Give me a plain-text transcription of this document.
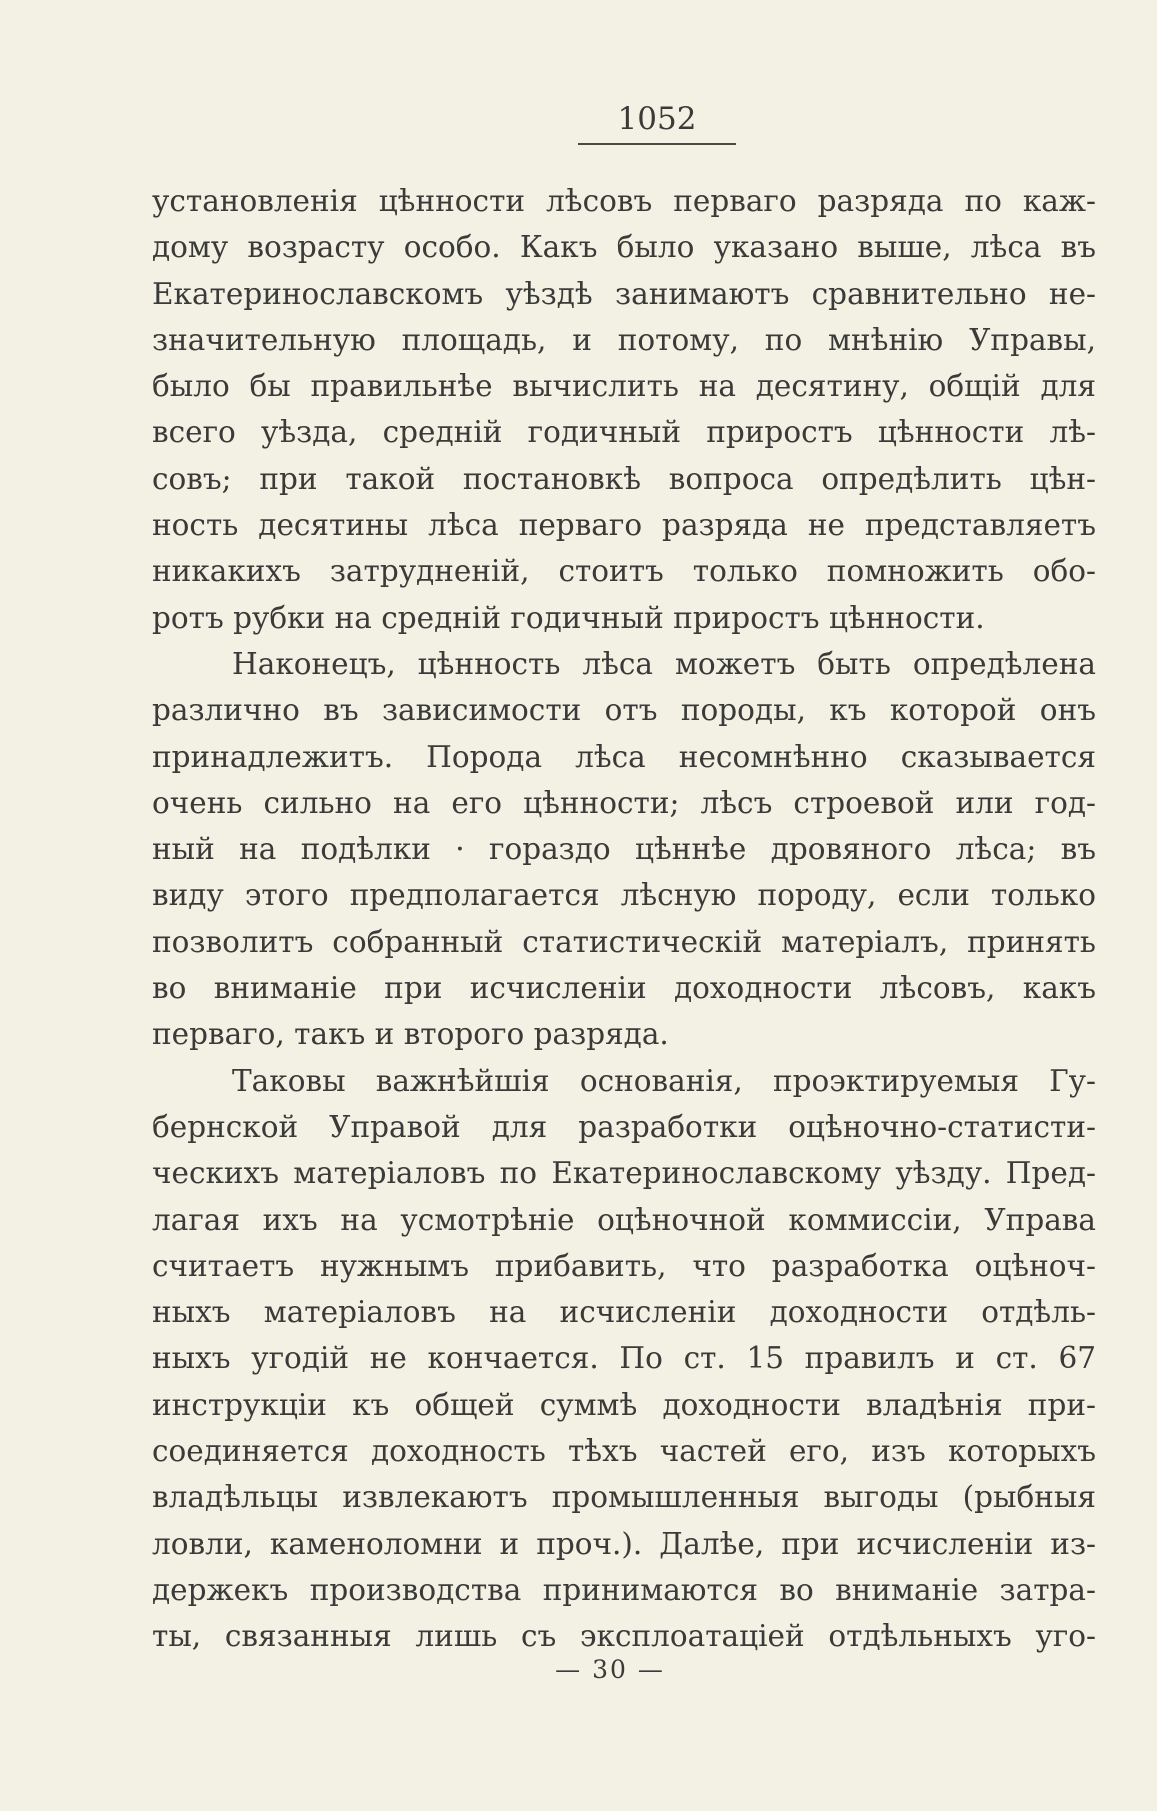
1052
установленія цѣнности лѣсовъ перваго разряда по каж-
дому возрасту особо. Какъ было указано выше, лѣса въ
Екатеринославскомъ уѣздѣ занимаютъ сравнительно не-
значительную площадь, и потому, по мнѣнію Управы,
было бы правильнѣе вычислить на десятину, общій для
всего уѣзда, средній годичный приростъ цѣнности лѣ-
совъ; при такой постановкѣ вопроса опредѣлить цѣн-
ность десятины лѣса перваго разряда не представляетъ
никакихъ затрудненій, стоитъ только помножить обо-
ротъ рубки на средній годичный приростъ цѣнности.
Наконецъ, цѣнность лѣса можетъ быть опредѣлена
различно въ зависимости отъ породы, къ которой онъ
принадлежитъ. Порода лѣса несомнѣнно сказывается
очень сильно на его цѣнности; лѣсъ строевой или год-
ный на подѣлки · гораздо цѣннѣе дровяного лѣса; въ
виду этого предполагается лѣсную породу, если только
позволитъ собранный статистическій матеріалъ, принять
во вниманіе при исчисленіи доходности лѣсовъ, какъ
перваго, такъ и второго разряда.
Таковы важнѣйшія основанія, проэктируемыя Гу-
бернской Управой для разработки оцѣночно-статисти-
ческихъ матеріаловъ по Екатеринославскому уѣзду. Пред-
лагая ихъ на усмотрѣніе оцѣночной коммиссіи, Управа
считаетъ нужнымъ прибавить, что разработка оцѣноч-
ныхъ матеріаловъ на исчисленіи доходности отдѣль-
ныхъ угодій не кончается. По ст. 15 правилъ и ст. 67
инструкціи къ общей суммѣ доходности владѣнія при-
соединяется доходность тѣхъ частей его, изъ которыхъ
владѣльцы извлекаютъ промышленныя выгоды (рыбныя
ловли, каменоломни и проч.). Далѣе, при исчисленіи из-
держекъ производства принимаются во вниманіе затра-
ты, связанныя лишь съ эксплоатаціей отдѣльныхъ уго-
— 30 —
